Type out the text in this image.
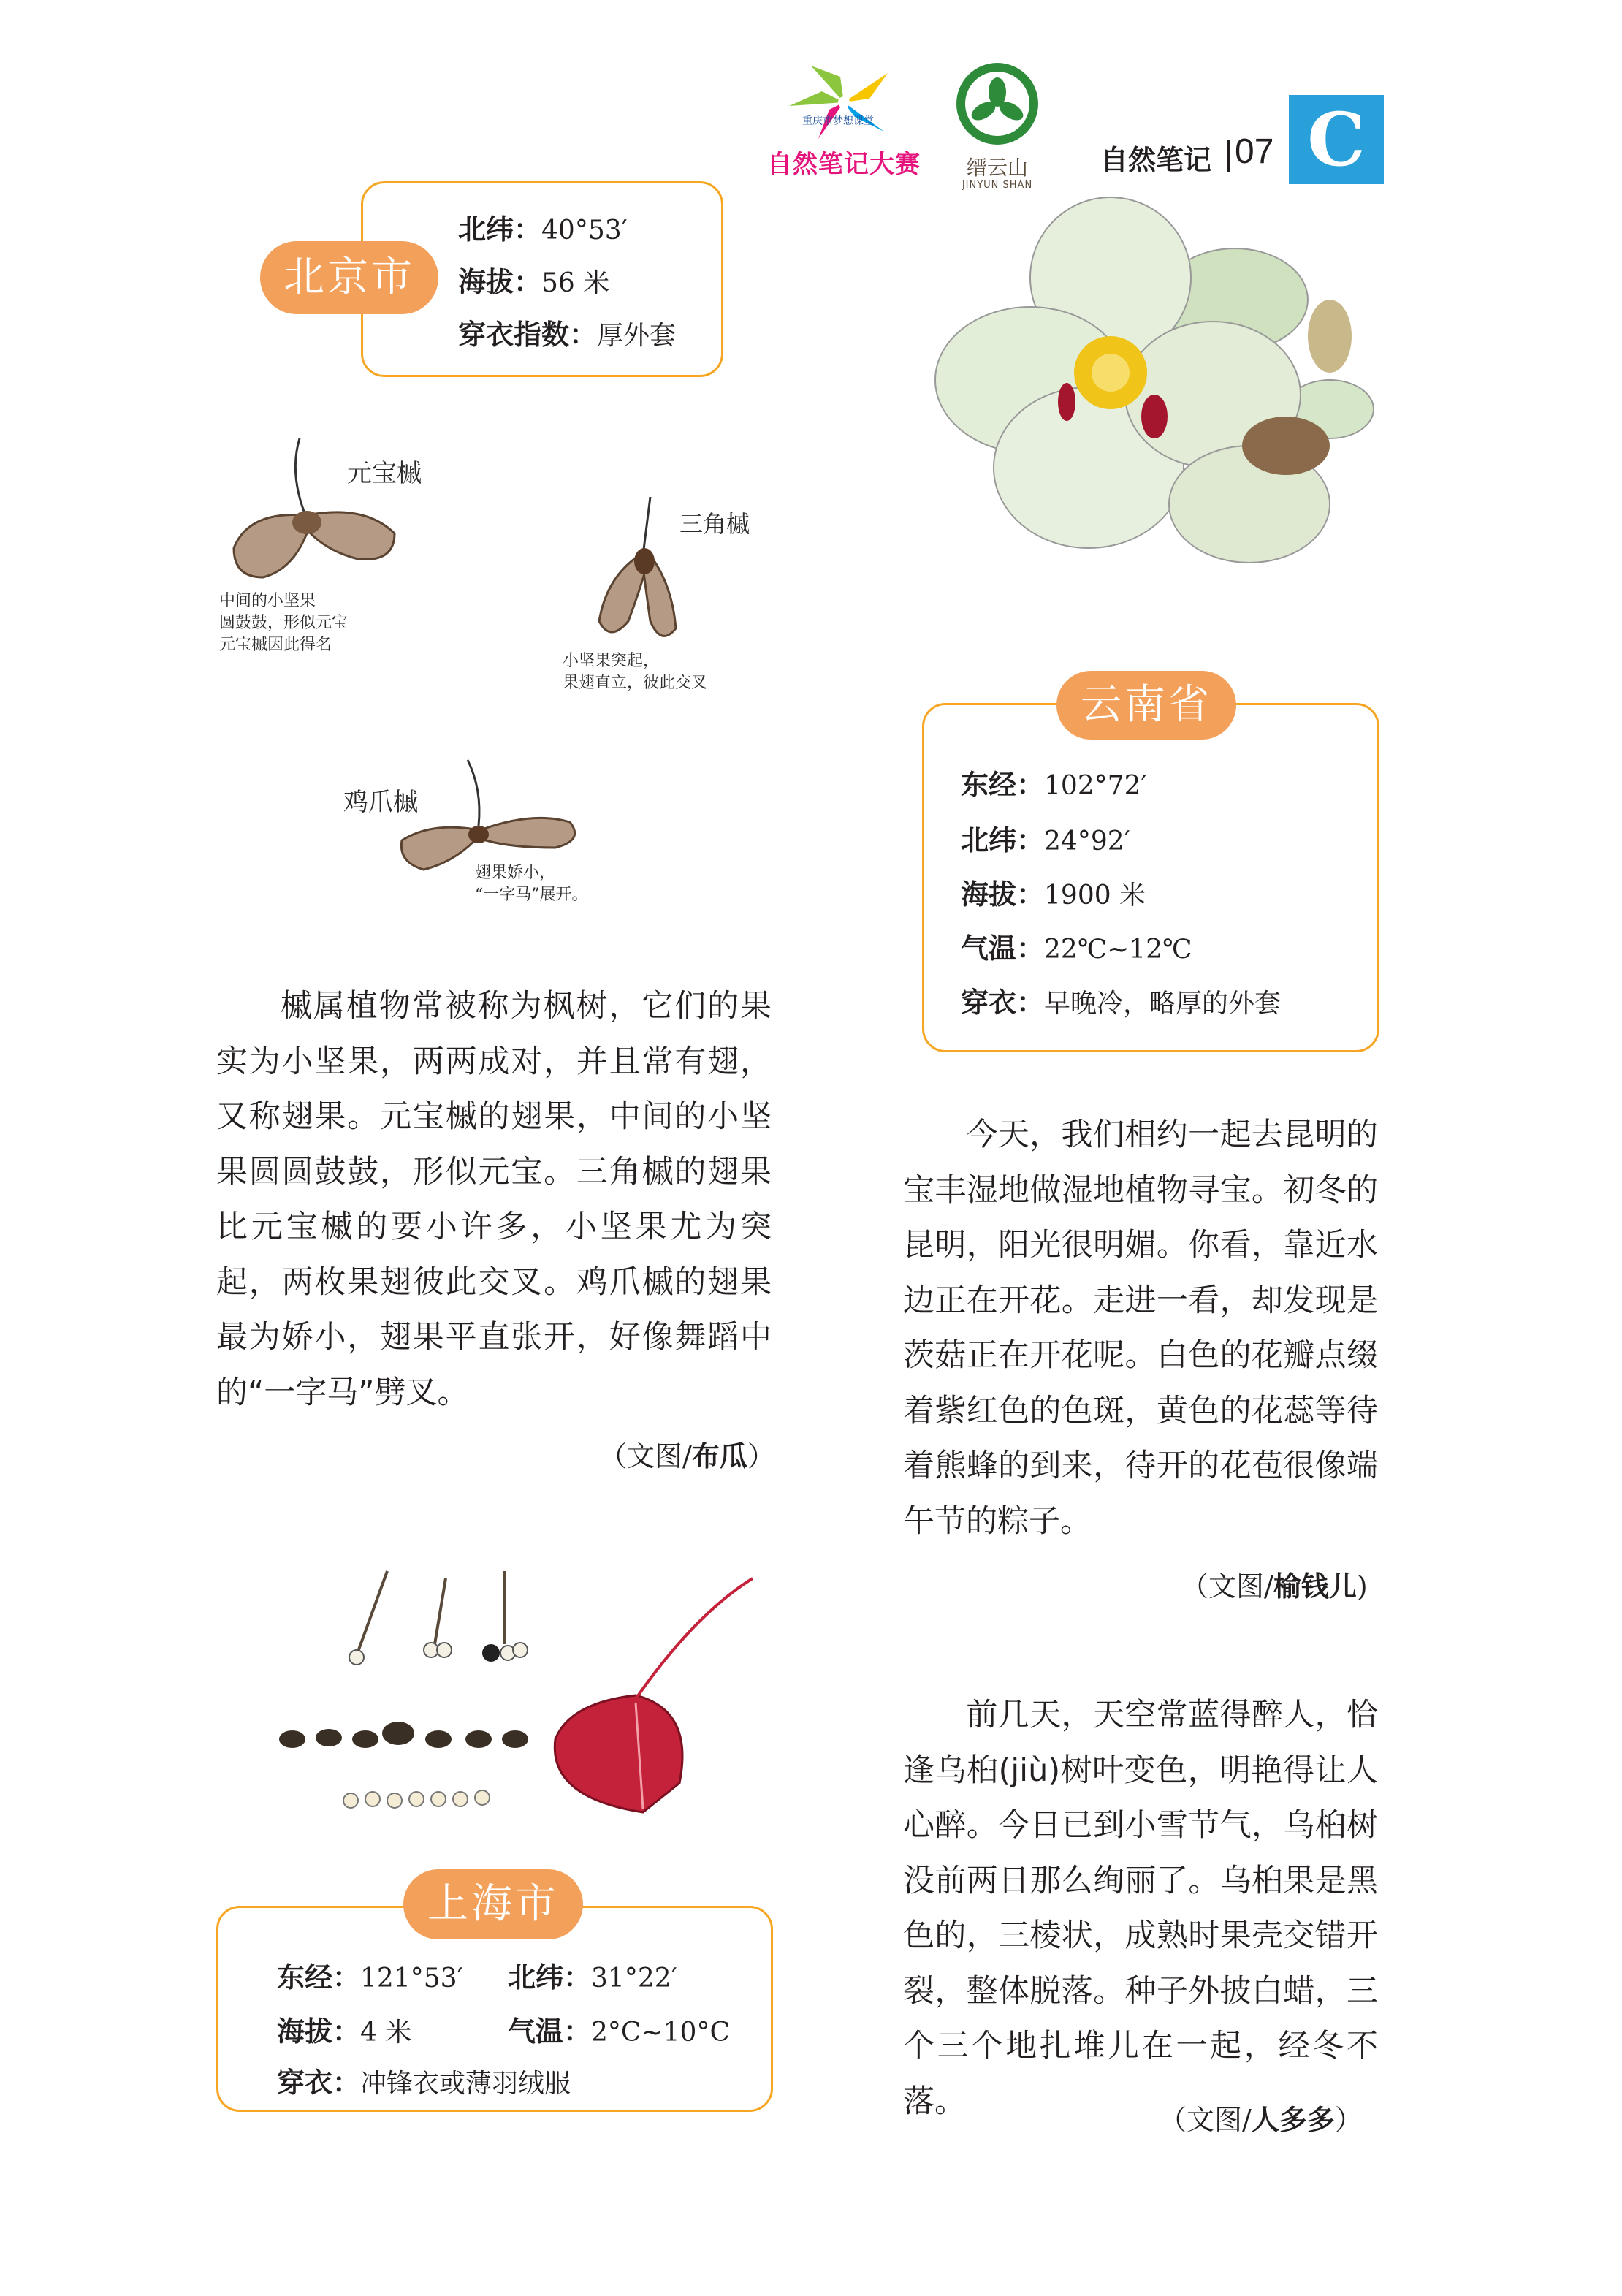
重庆市梦想课堂
自然笔记大赛	缙云山
JINYUN SHAN
自然笔记 07 C
北纬：40°53′
海拔：56 米
穿衣指数：厚外套
北京市
元宝槭
中间的小坚果
圆鼓鼓，形似元宝
元宝槭因此得名
三角槭
小坚果突起，
果翅直立，彼此交叉
鸡爪槭
翅果娇小，
“一字马”展开。
槭属植物常被称为枫树，它们的果实为小坚果，两两成对，并且常有翅，又称翅果。元宝槭的翅果，中间的小坚果圆圆鼓鼓，形似元宝。三角槭的翅果比元宝槭的要小许多，小坚果尤为突起，两枚果翅彼此交叉。鸡爪槭的翅果最为娇小，翅果平直张开，好像舞蹈中的“一字马”劈叉。
（文图/布瓜）
东经：102°72′
北纬：24°92′
海拔：1900 米
气温：22℃~12℃
穿衣：早晚冷，略厚的外套
云南省
今天，我们相约一起去昆明的宝丰湿地做湿地植物寻宝。初冬的昆明，阳光很明媚。你看，靠近水边正在开花。走进一看，却发现是茨菇正在开花呢。白色的花瓣点缀着紫红色的色斑，黄色的花蕊等待着熊蜂的到来，待开的花苞很像端午节的粽子。
（文图/榆钱儿)
东经：121°53′ 北纬：31°22′
海拔：4 米	气温：2°C~10°C
穿衣：冲锋衣或薄羽绒服
上海市
前几天，天空常蓝得醉人，恰逢乌桕(jiù)树叶变色，明艳得让人心醉。今日已到小雪节气，乌桕树没前两日那么绚丽了。乌桕果是黑色的，三棱状，成熟时果壳交错开裂，整体脱落。种子外披白蜡，三个三个地扎堆儿在一起，经冬不落。
（文图/人多多）
